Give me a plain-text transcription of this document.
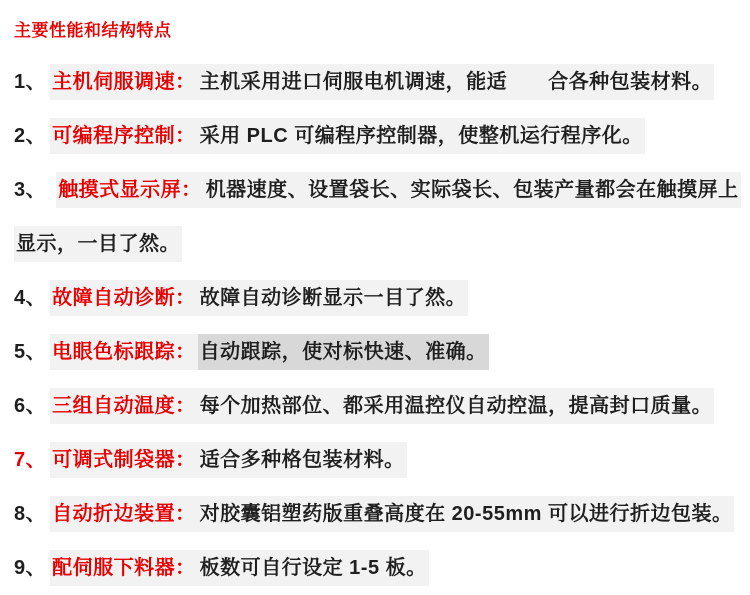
主要性能和结构特点
1、 主机伺服调速： 主机采用进口伺服电机调速，能适　　合各种包装材料。
2、 可编程序控制： 采用 PLC 可编程序控制器，使整机运行程序化。
3、 触摸式显示屏： 机器速度、设置袋长、实际袋长、包装产量都会在触摸屏上
显示，一目了然。
4、 故障自动诊断： 故障自动诊断显示一目了然。
5、 电眼色标跟踪： 自动跟踪，使对标快速、准确。
6、 三组自动温度： 每个加热部位、都采用温控仪自动控温，提高封口质量。
7、 可调式制袋器： 适合多种格包装材料。
8、 自动折边装置： 对胶囊铝塑药版重叠高度在 20-55mm 可以进行折边包装。
9、 配伺服下料器： 板数可自行设定 1-5 板。
